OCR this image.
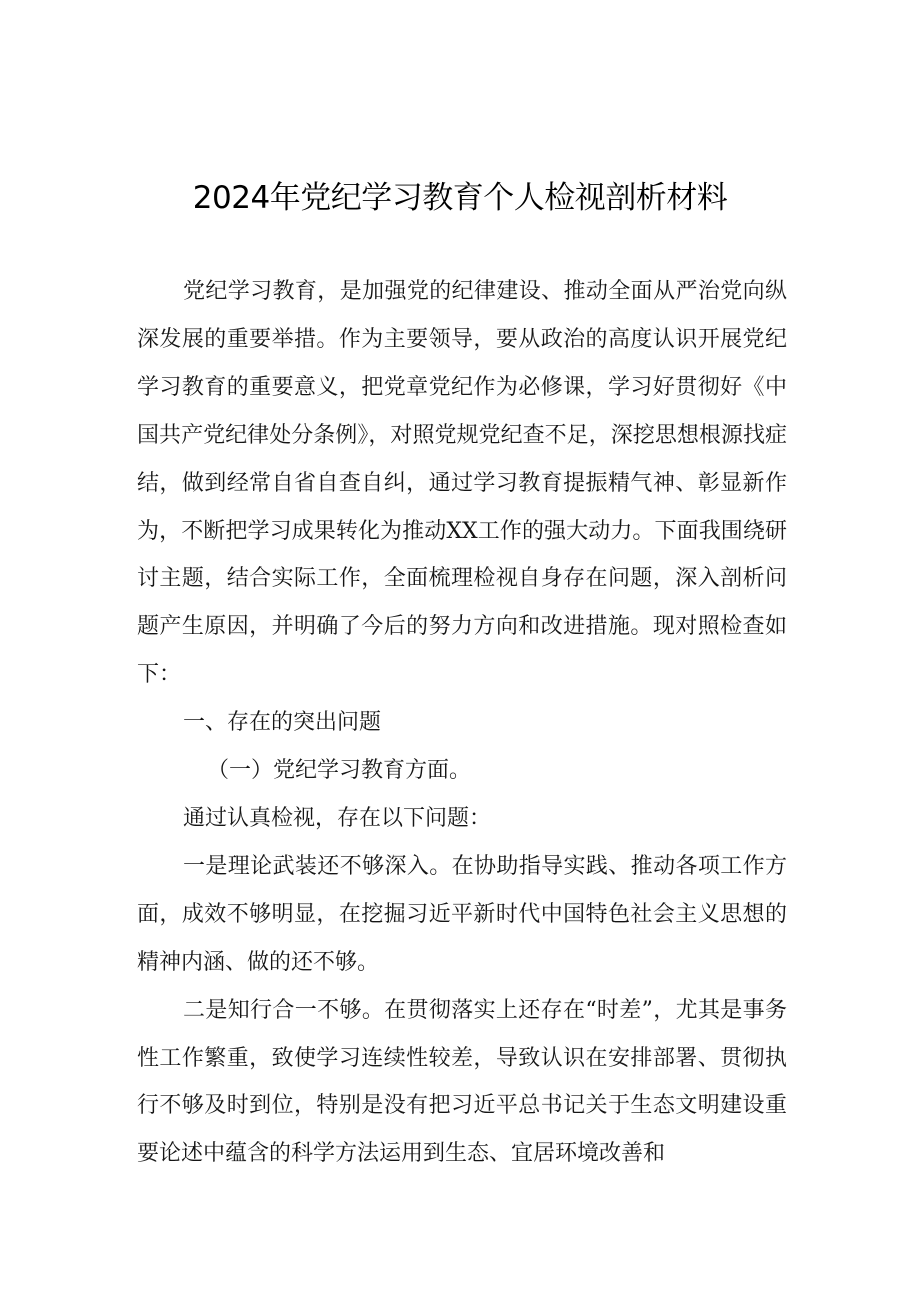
2024年党纪学习教育个人检视剖析材料

党纪学习教育，是加强党的纪律建设、推动全面从严治党向纵深发展的重要举措。作为主要领导，要从政治的高度认识开展党纪学习教育的重要意义，把党章党纪作为必修课，学习好贯彻好《中国共产党纪律处分条例》，对照党规党纪查不足，深挖思想根源找症结，做到经常自省自查自纠，通过学习教育提振精气神、彰显新作为，不断把学习成果转化为推动XX工作的强大动力。下面我围绕研讨主题，结合实际工作，全面梳理检视自身存在问题，深入剖析问题产生原因，并明确了今后的努力方向和改进措施。现对照检查如下：

一、存在的突出问题

（一）党纪学习教育方面。

通过认真检视，存在以下问题：

一是理论武装还不够深入。在协助指导实践、推动各项工作方面，成效不够明显，在挖掘习近平新时代中国特色社会主义思想的精神内涵、做的还不够。

二是知行合一不够。在贯彻落实上还存在“时差”，尤其是事务性工作繁重，致使学习连续性较差，导致认识在安排部署、贯彻执行不够及时到位，特别是没有把习近平总书记关于生态文明建设重要论述中蕴含的科学方法运用到生态、宜居环境改善和
